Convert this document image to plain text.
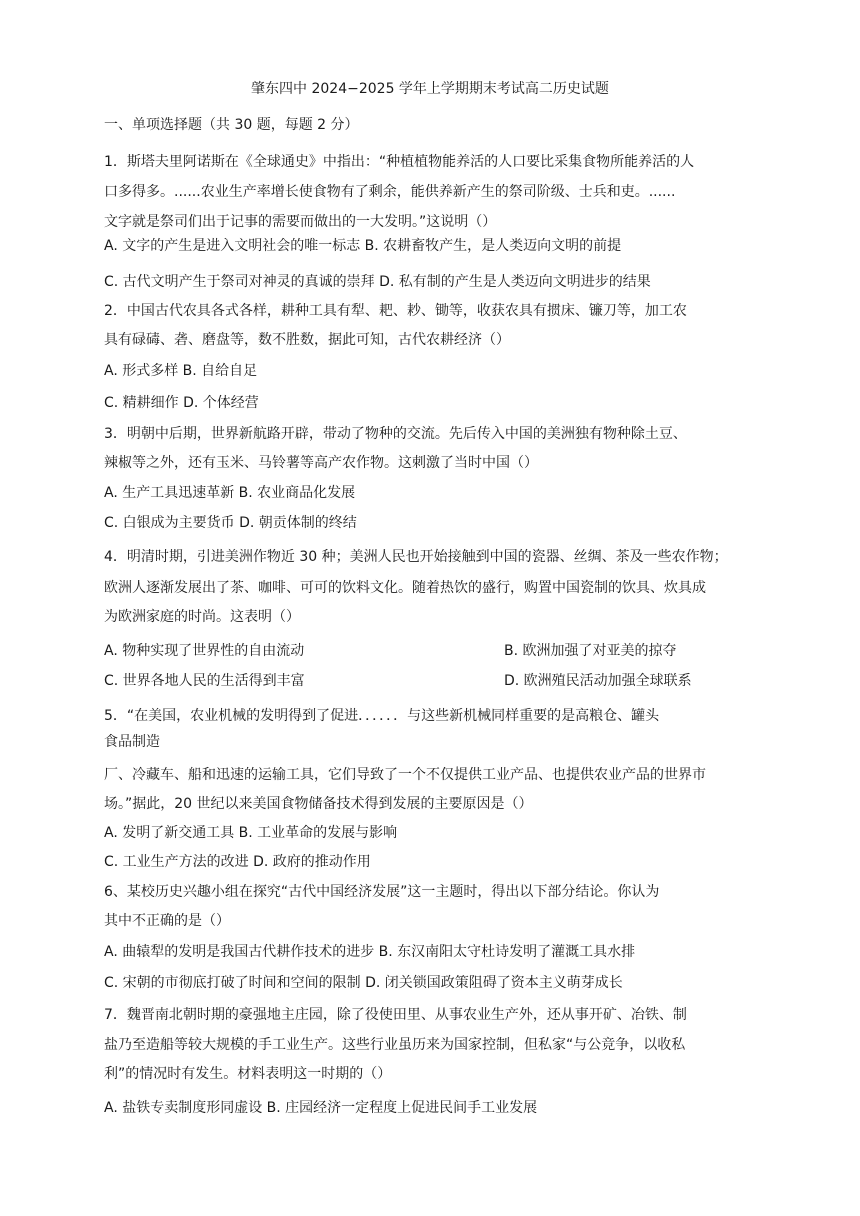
肇东四中 2024−2025 学年上学期期末考试高二历史试题
一、单项选择题（共 30 题，每题 2 分）
1．斯塔夫里阿诺斯在《全球通史》中指出：“种植植物能养活的人口要比采集食物所能养活的人
口多得多。......农业生产率增长使食物有了剩余，能供养新产生的祭司阶级、士兵和吏。......
文字就是祭司们出于记事的需要而做出的一大发明。”这说明（）
A. 文字的产生是进入文明社会的唯一标志 B. 农耕畜牧产生，是人类迈向文明的前提
C. 古代文明产生于祭司对神灵的真诚的崇拜 D. 私有制的产生是人类迈向文明进步的结果
2．中国古代农具各式各样，耕种工具有犁、耙、耖、锄等，收获农具有掼床、镰刀等，加工农
具有碌碡、砻、磨盘等，数不胜数，据此可知，古代农耕经济（）
A. 形式多样 B. 自给自足
C. 精耕细作 D. 个体经营
3．明朝中后期，世界新航路开辟，带动了物种的交流。先后传入中国的美洲独有物种除土豆、
辣椒等之外，还有玉米、马铃薯等高产农作物。这刺激了当时中国（）
A. 生产工具迅速革新 B. 农业商品化发展
C. 白银成为主要货币 D. 朝贡体制的终结
4．明清时期，引进美洲作物近 30 种；美洲人民也开始接触到中国的瓷器、丝绸、茶及一些农作物；
欧洲人逐渐发展出了茶、咖啡、可可的饮料文化。随着热饮的盛行，购置中国瓷制的饮具、炊具成
为欧洲家庭的时尚。这表明（）
A. 物种实现了世界性的自由流动	B. 欧洲加强了对亚美的掠夺
C. 世界各地人民的生活得到丰富	D. 欧洲殖民活动加强全球联系
5．“在美国，农业机械的发明得到了促进．．．．．．与这些新机械同样重要的是高粮仓、罐头
食品制造
厂、冷藏车、船和迅速的运输工具，它们导致了一个不仅提供工业产品、也提供农业产品的世界市
场。”据此，20 世纪以来美国食物储备技术得到发展的主要原因是（）
A. 发明了新交通工具 B. 工业革命的发展与影响
C. 工业生产方法的改进 D. 政府的推动作用
6、某校历史兴趣小组在探究“古代中国经济发展”这一主题时，得出以下部分结论。你认为
其中不正确的是（）
A. 曲辕犁的发明是我国古代耕作技术的进步 B. 东汉南阳太守杜诗发明了灌溉工具水排
C. 宋朝的市彻底打破了时间和空间的限制 D. 闭关锁国政策阻碍了资本主义萌芽成长
7．魏晋南北朝时期的豪强地主庄园，除了役使田里、从事农业生产外，还从事开矿、冶铁、制
盐乃至造船等较大规模的手工业生产。这些行业虽历来为国家控制，但私家“与公竞争，以收私
利”的情况时有发生。材料表明这一时期的（）
A. 盐铁专卖制度形同虚设 B. 庄园经济一定程度上促进民间手工业发展
